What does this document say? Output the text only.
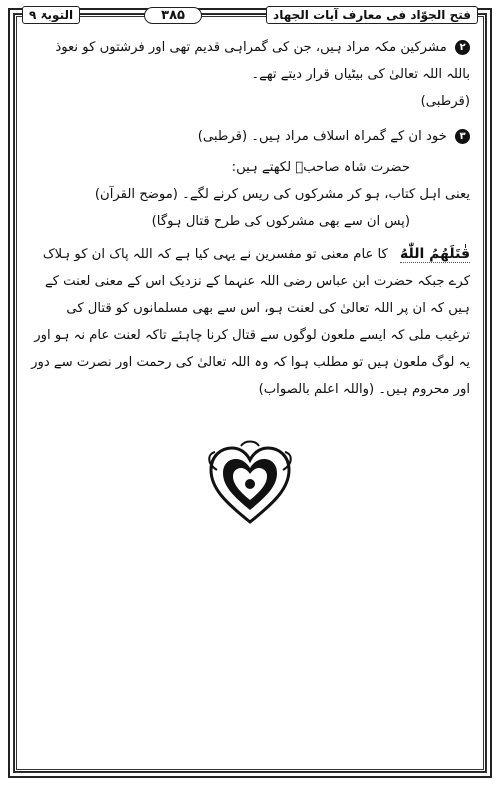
التوبۃ ۹	۳۸۵	فتح الجوّاد فی معارف آیات الجهاد

۲ مشرکین مکہ مراد ہیں، جن کی گمراہی قدیم تھی اور فرشتوں کو نعوذ باللہ اللہ تعالیٰ کی بیٹیاں قرار دیتے تھے۔

(قرطبی)

۳ خود ان کے گمراہ اسلاف مراد ہیں۔ (قرطبی)

حضرت شاہ صاحبؒ لکھتے ہیں:

یعنی اہل کتاب، ہو کر مشرکوں کی ریس کرنے لگے۔ (موضح القرآن)

(پس ان سے بھی مشرکوں کی طرح قتال ہوگا)

قٰتَلَهُمُ اللّٰهُ کا عام معنی تو مفسرین نے یہی کیا ہے کہ اللہ پاک ان کو ہلاک کرے جبکہ حضرت ابن عباس رضی اللہ عنہما کے نزدیک اس کے معنی لعنت کے ہیں کہ ان پر اللہ تعالیٰ کی لعنت ہو، اس سے بھی مسلمانوں کو قتال کی ترغیب ملی کہ ایسے ملعون لوگوں سے قتال کرنا چاہئے تاکہ لعنت عام نہ ہو اور یہ لوگ ملعون ہیں تو مطلب ہوا کہ وہ اللہ تعالیٰ کی رحمت اور نصرت سے دور اور محروم ہیں۔ (واللہ اعلم بالصواب)
